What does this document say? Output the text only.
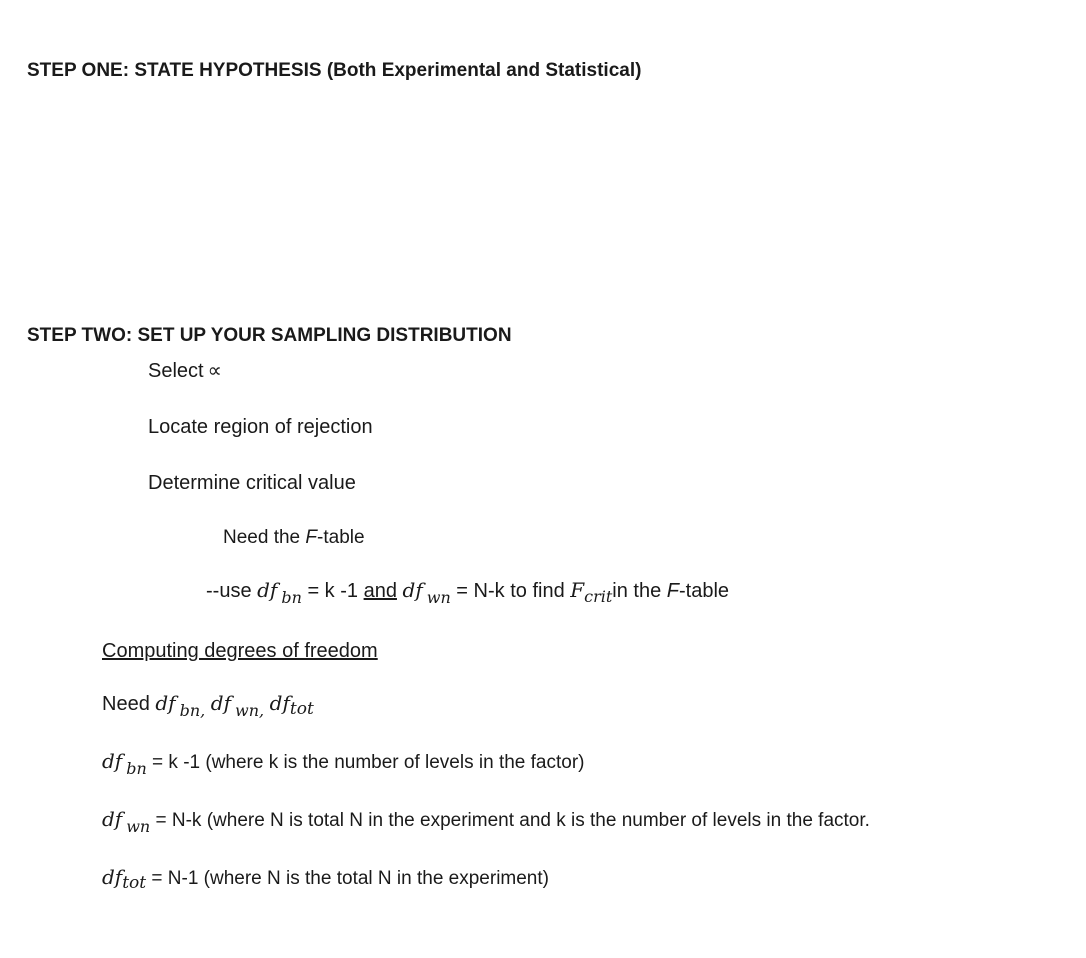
STEP ONE: STATE HYPOTHESIS (Both Experimental and Statistical)
STEP TWO: SET UP YOUR SAMPLING DISTRIBUTION
Select ∝
Locate region of rejection
Determine critical value
Need the F-table
--use df $_{bn}$ = k -1 and df $_{wn}$ = N-k to find $F_{crit}in$ the F-table
Computing degrees of freedom
Need df $_{bn,}$ df $_{wn,}$ $df_{tot}$
df $_{bn}$ = k -1 (where k is the number of levels in the factor)
df $_{wn}$ = N-k (where N is total N in the experiment and k is the number of levels in the factor.
dftot = N-1 (where N is the total N in the experiment)
